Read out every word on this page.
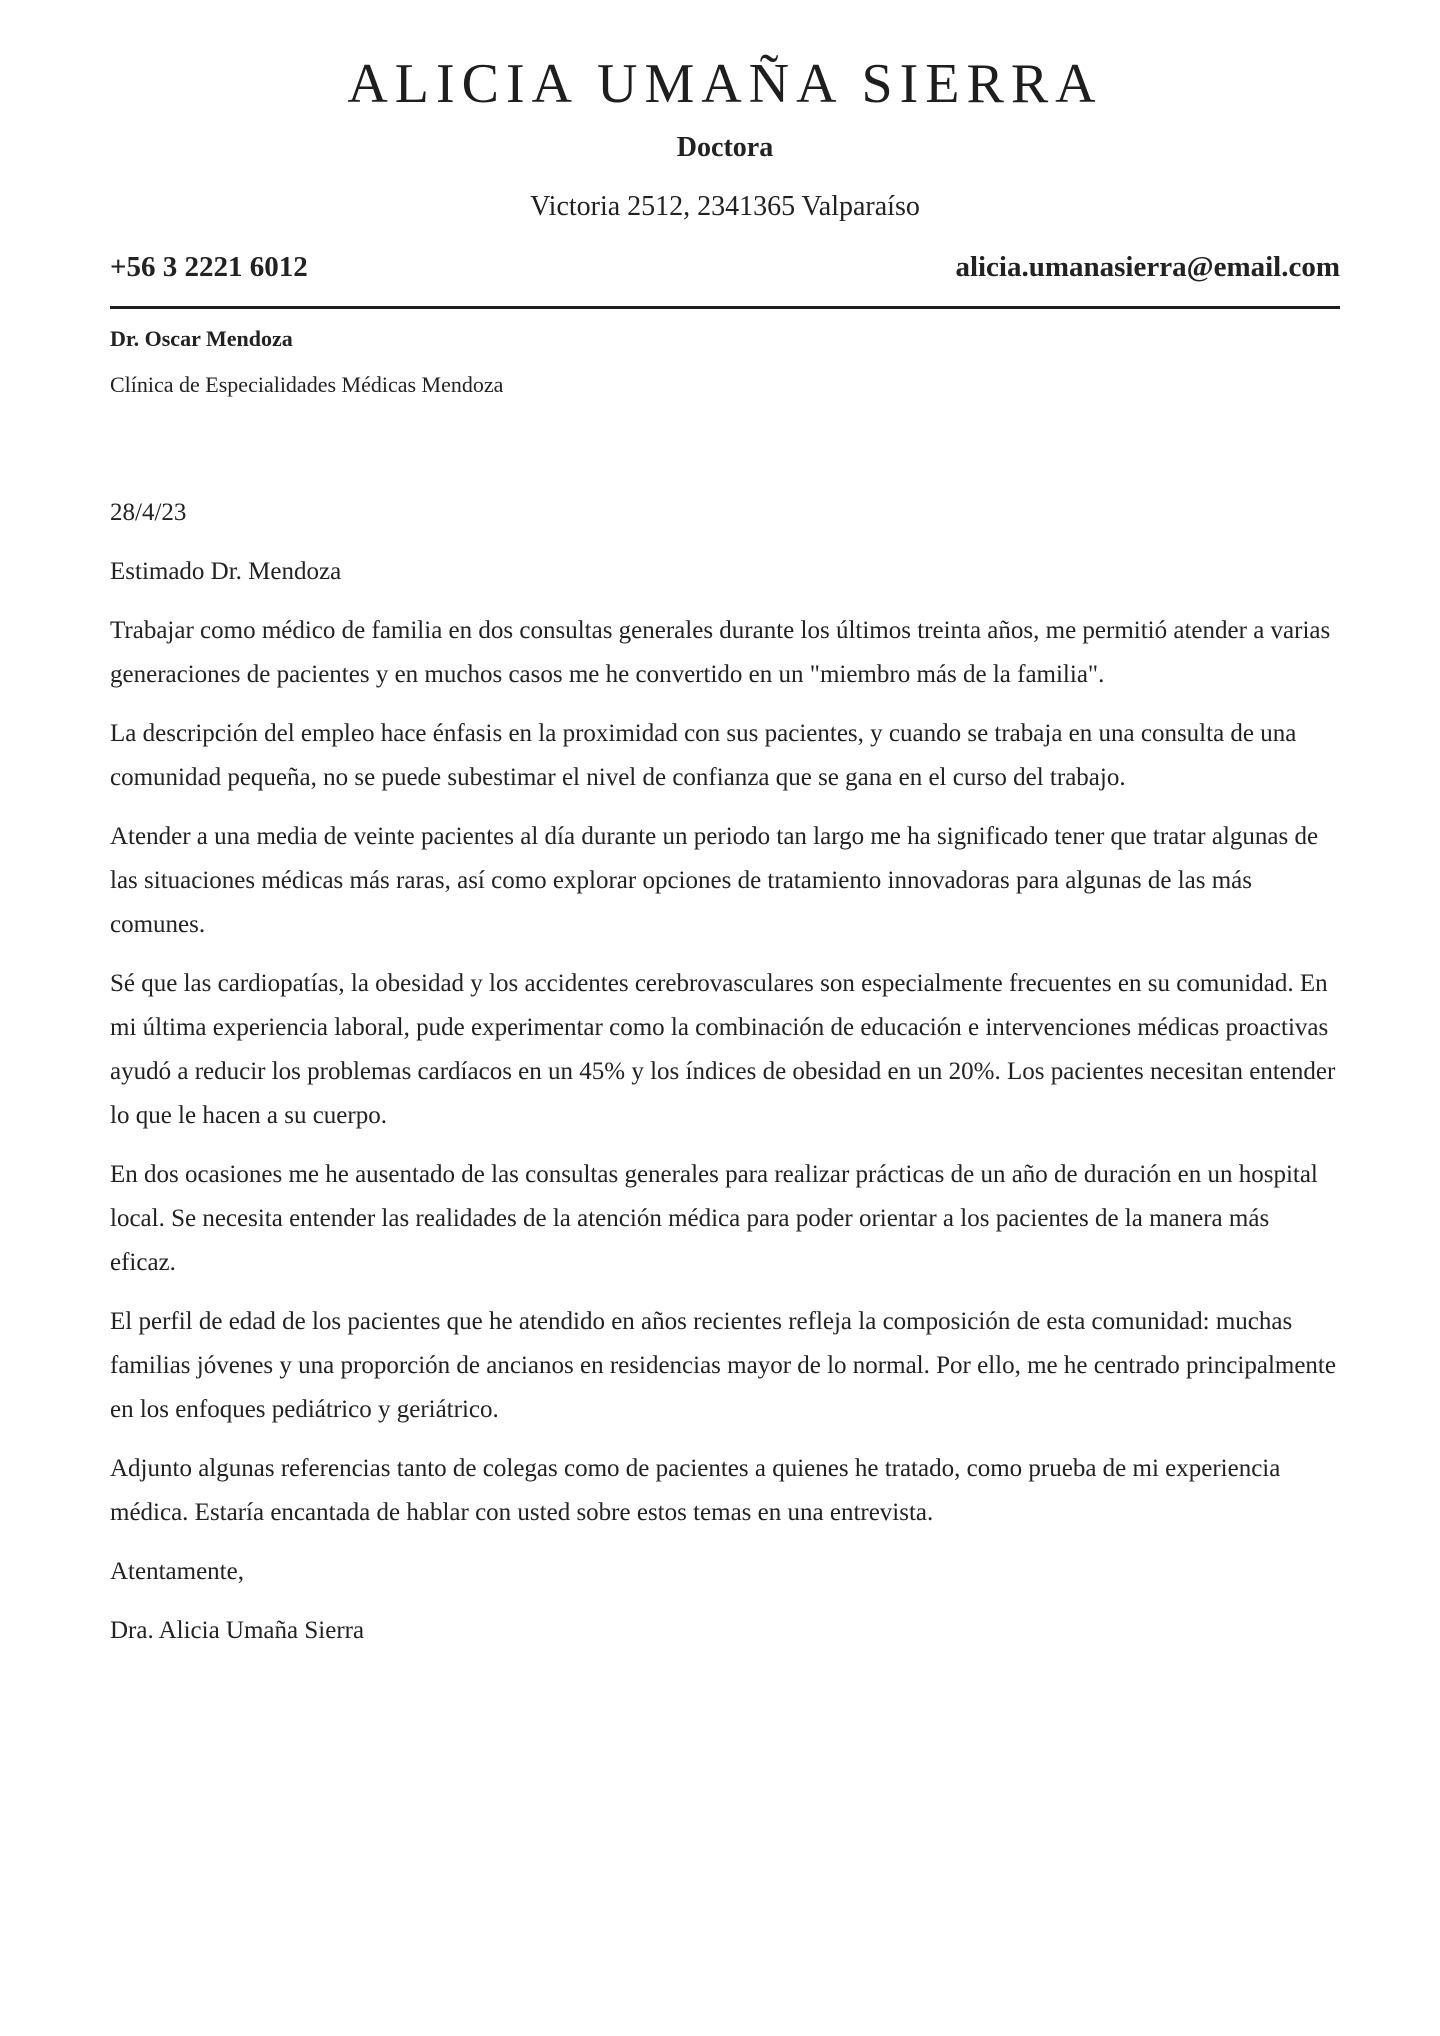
ALICIA UMAÑA SIERRA
Doctora
Victoria 2512, 2341365 Valparaíso
+56 3 2221 6012	alicia.umanasierra@email.com
Dr. Oscar Mendoza
Clínica de Especialidades Médicas Mendoza

28/4/23

Estimado Dr. Mendoza

Trabajar como médico de familia en dos consultas generales durante los últimos treinta años, me permitió atender a varias generaciones de pacientes y en muchos casos me he convertido en un "miembro más de la familia".

La descripción del empleo hace énfasis en la proximidad con sus pacientes, y cuando se trabaja en una consulta de una comunidad pequeña, no se puede subestimar el nivel de confianza que se gana en el curso del trabajo.

Atender a una media de veinte pacientes al día durante un periodo tan largo me ha significado tener que tratar algunas de las situaciones médicas más raras, así como explorar opciones de tratamiento innovadoras para algunas de las más comunes.

Sé que las cardiopatías, la obesidad y los accidentes cerebrovasculares son especialmente frecuentes en su comunidad. En mi última experiencia laboral, pude experimentar como la combinación de educación e intervenciones médicas proactivas ayudó a reducir los problemas cardíacos en un 45% y los índices de obesidad en un 20%. Los pacientes necesitan entender lo que le hacen a su cuerpo.

En dos ocasiones me he ausentado de las consultas generales para realizar prácticas de un año de duración en un hospital local. Se necesita entender las realidades de la atención médica para poder orientar a los pacientes de la manera más eficaz.

El perfil de edad de los pacientes que he atendido en años recientes refleja la composición de esta comunidad: muchas familias jóvenes y una proporción de ancianos en residencias mayor de lo normal. Por ello, me he centrado principalmente en los enfoques pediátrico y geriátrico.

Adjunto algunas referencias tanto de colegas como de pacientes a quienes he tratado, como prueba de mi experiencia médica. Estaría encantada de hablar con usted sobre estos temas en una entrevista.

Atentamente,

Dra. Alicia Umaña Sierra
